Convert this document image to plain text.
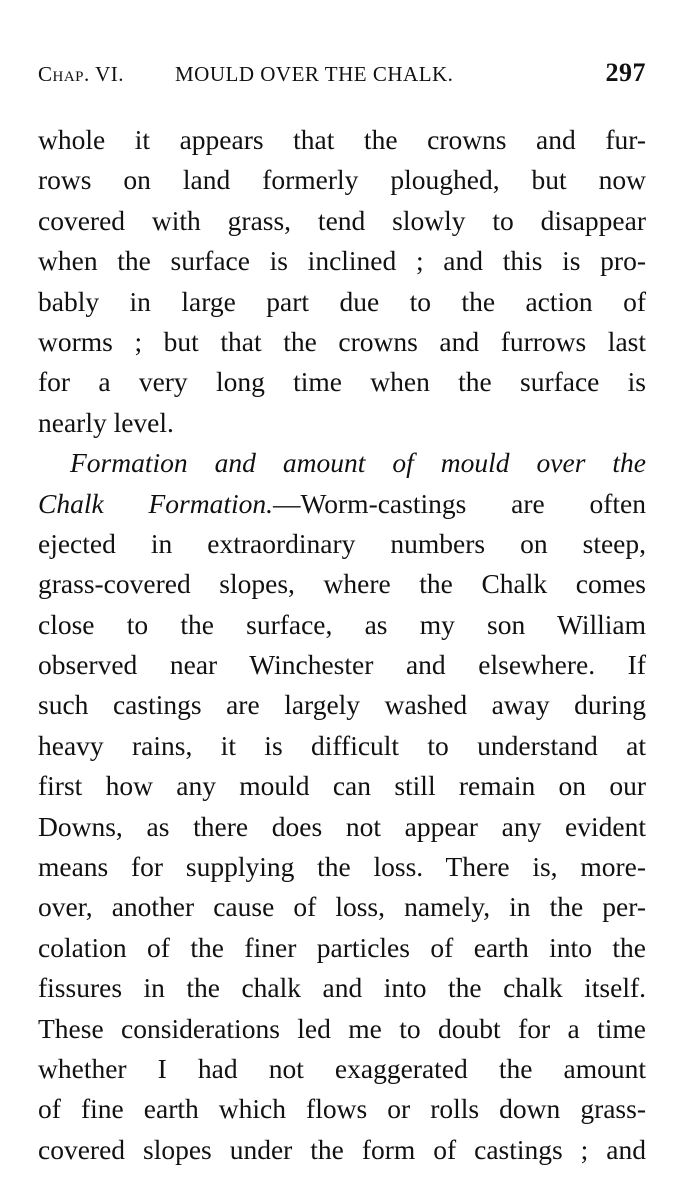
Chap. VI. MOULD OVER THE CHALK.	297
whole it appears that the crowns and fur-
rows on land formerly ploughed, but now
covered with grass, tend slowly to disappear
when the surface is inclined ; and this is pro-
bably in large part due to the action of
worms ; but that the crowns and furrows last
for a very long time when the surface is
nearly level.
Formation and amount of mould over the
Chalk Formation.—Worm-castings are often
ejected in extraordinary numbers on steep,
grass-covered slopes, where the Chalk comes
close to the surface, as my son William
observed near Winchester and elsewhere. If
such castings are largely washed away during
heavy rains, it is difficult to understand at
first how any mould can still remain on our
Downs, as there does not appear any evident
means for supplying the loss. There is, more-
over, another cause of loss, namely, in the per-
colation of the finer particles of earth into the
fissures in the chalk and into the chalk itself.
These considerations led me to doubt for a time
whether I had not exaggerated the amount
of fine earth which flows or rolls down grass-
covered slopes under the form of castings ; and
